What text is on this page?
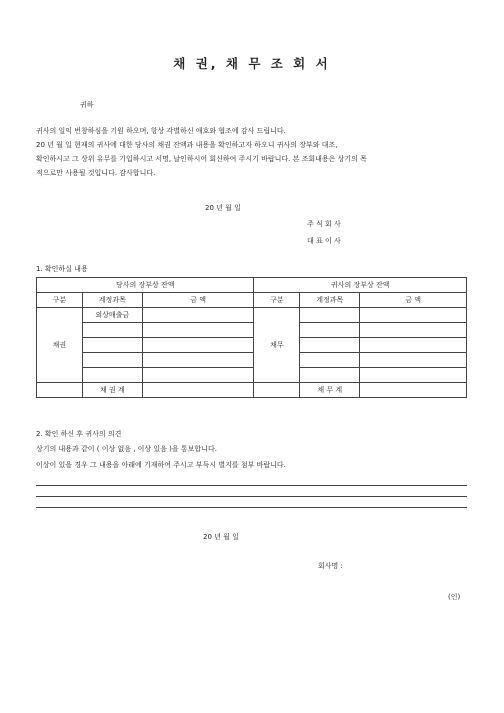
채 권, 채 무 조 회 서
귀하
귀사의 일익 번창하심을 기원 하오며, 항상 각별하신 애호와 협조에 감사 드립니다.
20 년 월 일 현재의 귀사에 대한 당사의 채권 잔액과 내용을 확인하고자 하오니 귀사의 장부와 대조,
확인하시고 그 상위 유무를 기입하시고 서명, 날인하시어 회신하여 주시기 바랍니다. 본 조회내용은 상기의 목
적으로만 사용될 것입니다. 감사합니다.
20 년 월 일
주 식 회 사
대 표 이 사
1. 확인하실 내용
당사의 장부상 잔액			귀사의 장부상 잔액		
구분	계정과목	금 액	구분	계정과목	금 액
채권	외상매출금		채무		

	채 권 계			채 무 계	
2. 확인 하신 후 귀사의 의견
상기의 내용과 같이 ( 이상 없음 , 이상 있음 )을 통보합니다.
이상이 있을 경우 그 내용을 아래에 기재하여 주시고 부득시 별지를 첨부 바랍니다.
20 년 월 일
회사명 :
(인)
